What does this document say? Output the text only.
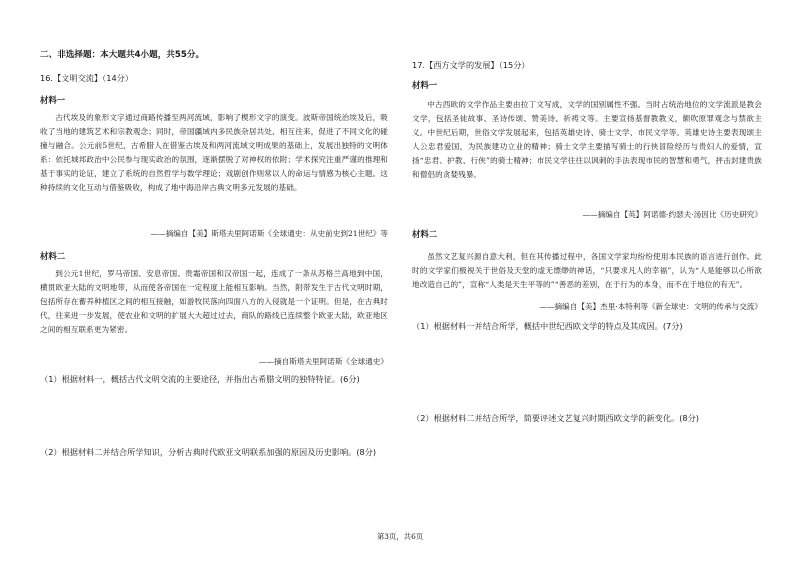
二、非选择题：本大题共4小题，共55分。
16.【文明交流】（14分）
材料一
古代埃及的象形文字通过商路传播至两河流域，影响了楔形文字的演变。波斯帝国统治埃及后，吸收了当地的建筑艺术和宗教观念；同时，帝国疆域内多民族杂居共处、相互往来，促进了不同文化的碰撞与融合。公元前5世纪，古希腊人在借鉴古埃及和两河流域文明成果的基础上，发展出独特的文明体系：依托城邦政治中公民参与现实政治的氛围，逐渐摆脱了对神权的依附；学术探究注重严谨的推理和基于事实的论证，建立了系统的自然哲学与数学理论；戏剧创作则常以人的命运与情感为核心主题。这种持续的文化互动与借鉴吸收，构成了地中海沿岸古典文明多元发展的基础。
——摘编自【美】斯塔夫里阿诺斯《全球通史：从史前史到21世纪》等
材料二
到公元1世纪，罗马帝国、安息帝国、贵霜帝国和汉帝国一起，连成了一条从苏格兰高地到中国，横贯欧亚大陆的文明地带，从而使各帝国在一定程度上能相互影响。当然，附带发生于古代文明时期，包括所存在蓄养种植区之间的相互接触，如游牧民落向四面八方的入侵就是一个证明。但是，在古典时代，往来进一步发展，使农业和文明的扩展大大超过过去，商队的路线已连续整个欧亚大陆，欧亚地区之间的相互联系更为紧密。
——摘自斯塔夫里阿诺斯《全球通史》
（1）根据材料一，概括古代文明交流的主要途径，并指出古希腊文明的独特特征。(6分)
（2）根据材料二并结合所学知识，分析古典时代欧亚文明联系加强的原因及历史影响。(8分)
17.【西方文学的发展】（15分）
材料一
中古西欧的文学作品主要由拉丁文写成，文学的国别属性不强。当时占统治地位的文学流派是教会文学，包括圣徒故事、圣诗传颂、赞美诗、祈祷文等。主要宣扬基督教教义，颇吹原罪观念与禁欲主义。中世纪后期，世俗文学发展起来，包括英雄史诗、骑士文学、市民文学等。英雄史诗主要表现颂主人公忠君爱国，为民族建功立业的精神；骑士文学主要描写骑士的行侠冒险经历与贵妇人的爱情，宣扬“忠君、护教、行侠”的骑士精神；市民文学往往以讽刺的手法表现市民的智慧和勇气，抨击封建贵族和僧侣的贪婪残暴。
——摘编自【英】阿诺德·约瑟夫·汤因比《历史研究》
材料二
虽然文艺复兴源自意大利，但在其传播过程中，各国文学家均纷纷使用本民族的语言进行创作。此时的文学家们极视关于世俗及天堂的虚无缥缈的神话，“只要求凡人的幸福”，认为“人是能够以心所欲地改造自己的”，宣称“人类是天生平等的”“善恶的差别，在于行为的本身，而不在于地位的有无”。
——摘编自【美】杰里·本特利等《新全球史：文明的传承与交流》
（1）根据材料一并结合所学，概括中世纪西欧文学的特点及其成因。(7分)
（2）根据材料二并结合所学，简要评述文艺复兴时期西欧文学的新变化。(8分)
第3页，共6页
